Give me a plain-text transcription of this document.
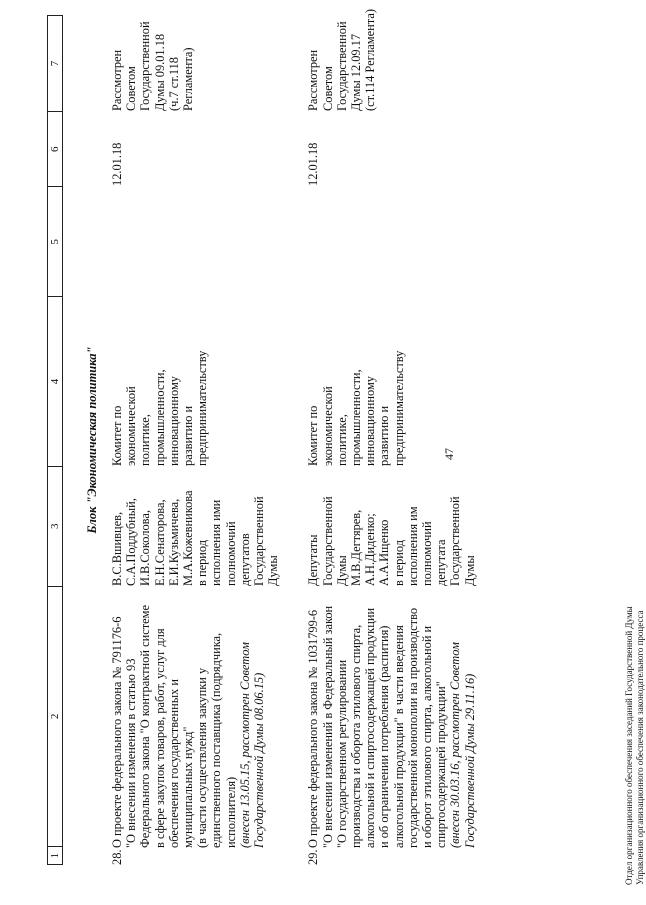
47
1
2
3
4
5
6
7
Блок "Экономическая политика"
28.
О проекте федерального закона № 791176-6 "О внесении изменения в статью 93 Федерального закона "О контрактной системе в сфере закупок товаров, работ, услуг для обеспечения государственных и муниципальных нужд" (в части осуществления закупки у единственного поставщика (подрядчика, исполнителя) (внесен 13.05.15, рассмотрен Советом Государственной Думы 08.06.15)
В.С.Вшивцев, С.А.Поддубный, И.В.Соколова, Е.Н.Сенаторова, Е.И.Кузьмичева, М.А.Кожевникова в период исполнения ими полномочий депутатов Государственной Думы
Комитет по экономической политике, промышленности, инновационному развитию и предпринимательству
12.01.18
Рассмотрен Советом Государственной Думы 09.01.18 (ч.7 ст.118 Регламента)
29.
О проекте федерального закона № 1031799-6 "О внесении изменений в Федеральный закон "О государственном регулировании производства и оборота этилового спирта, алкогольной и спиртосодержащей продукции и об ограничении потребления (распития) алкогольной продукции" в части введения государственной монополии на производство и оборот этилового спирта, алкогольной и спиртосодержащей продукции" (внесен 30.03.16, рассмотрен Советом Государственной Думы 29.11.16)
Депутаты Государственной Думы М.В.Дегтярев, А.Н.Диденко; А.А.Ищенко в период исполнения им полномочий депутата Государственной Думы
Комитет по экономической политике, промышленности, инновационному развитию и предпринимательству
12.01.18
Рассмотрен Советом Государственной Думы 12.09.17 (ст.114 Регламента)
Отдел организационного обеспечения заседаний Государственной Думы Управления организационного обеспечения законодательного процесса
